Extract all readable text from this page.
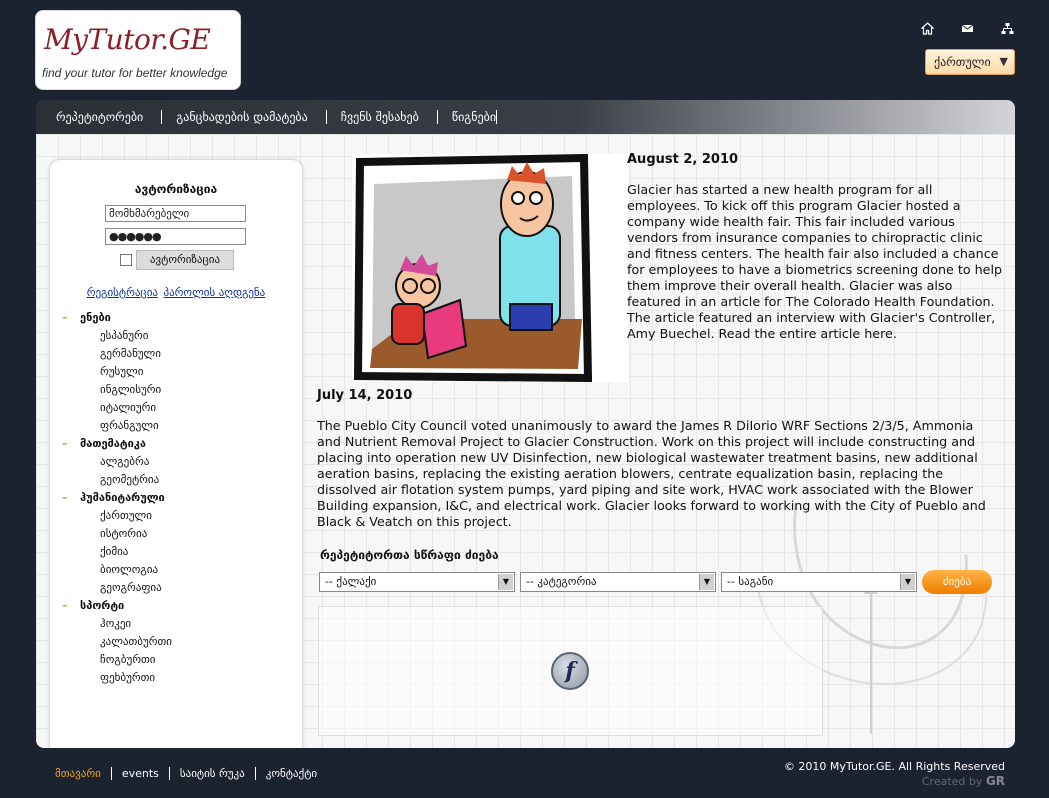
MyTutor.GE
find your tutor for better knowledge
ქართული ▼
რეპეტიტორები	განცხადების დამატება	ჩვენს შესახებ	წიგნები
ავტორიზაცია
მომხმარებელი
●●●●●●
ავტორიზაცია
რეგისტრაცია პაროლის აღდგენა
– ენები
ესპანური
გერმანული
რუსული
ინგლისური
იტალიური
ფრანგული
– მათემატიკა
ალგებრა
გეომეტრია
– ჰუმანიტარული
ქართული
ისტორია
ქიმია
ბიოლოგია
გეოგრაფია
– სპორტი
ჰოკეი
კალათბურთი
ჩოგბურთი
ფეხბურთი
August 2, 2010
Glacier has started a new health program for all employees. To kick off this program Glacier hosted a company wide health fair. This fair included various vendors from insurance companies to chiropractic clinic and fitness centers. The health fair also included a chance for employees to have a biometrics screening done to help them improve their overall health. Glacier was also featured in an article for The Colorado Health Foundation. The article featured an interview with Glacier's Controller, Amy Buechel. Read the entire article here.
July 14, 2010
The Pueblo City Council voted unanimously to award the James R DiIorio WRF Sections 2/3/5, Ammonia and Nutrient Removal Project to Glacier Construction. Work on this project will include constructing and placing into operation new UV Disinfection, new biological wastewater treatment basins, new additional aeration basins, replacing the existing aeration blowers, centrate equalization basin, replacing the dissolved air flotation system pumps, yard piping and site work, HVAC work associated with the Blower Building expansion, I&C, and electrical work. Glacier looks forward to working with the City of Pueblo and Black & Veatch on this project.
რეპეტიტორთა სწრაფი ძიება
-- ქალაქი	▼	-- კატეგორია	▼	-- საგანი	▼	ძიება
f
მთავარი	events	საიტის რუკა	კონტაქტი
© 2010 MyTutor.GE. All Rights Reserved
Created by GR
